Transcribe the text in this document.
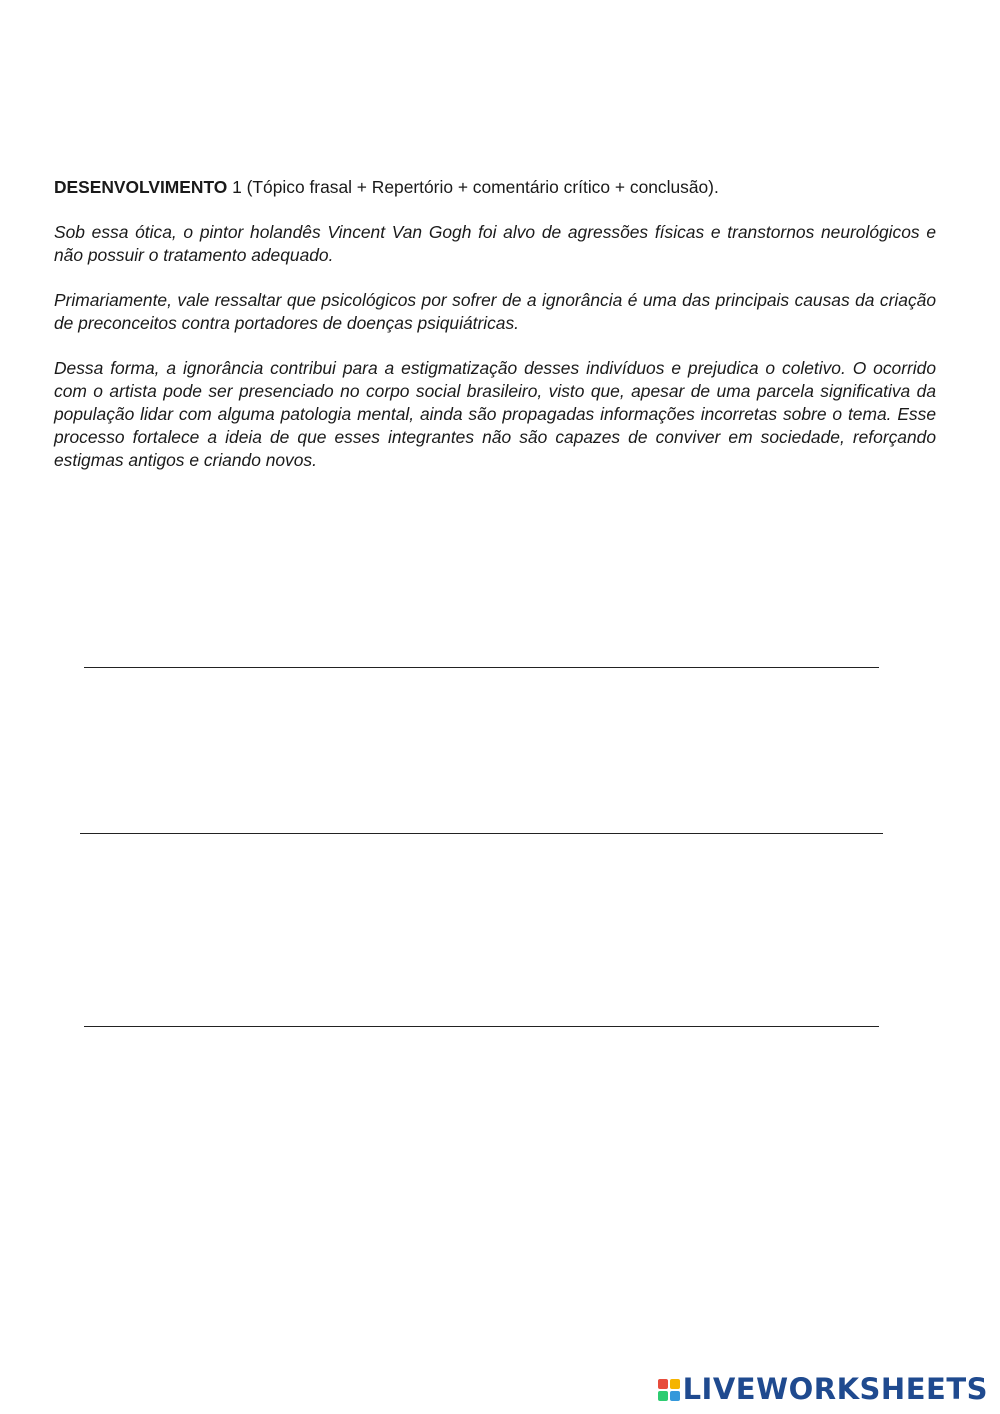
DESENVOLVIMENTO 1 (Tópico frasal + Repertório + comentário crítico + conclusão).

Sob essa ótica, o pintor holandês Vincent Van Gogh foi alvo de agressões físicas e transtornos neurológicos e não possuir o tratamento adequado.

Primariamente, vale ressaltar que psicológicos por sofrer de a ignorância é uma das principais causas da criação de preconceitos contra portadores de doenças psiquiátricas.

Dessa forma, a ignorância contribui para a estigmatização desses indivíduos e prejudica o coletivo. O ocorrido com o artista pode ser presenciado no corpo social brasileiro, visto que, apesar de uma parcela significativa da população lidar com alguma patologia mental, ainda são propagadas informações incorretas sobre o tema. Esse processo fortalece a ideia de que esses integrantes não são capazes de conviver em sociedade, reforçando estigmas antigos e criando novos.

LIVEWORKSHEETS
